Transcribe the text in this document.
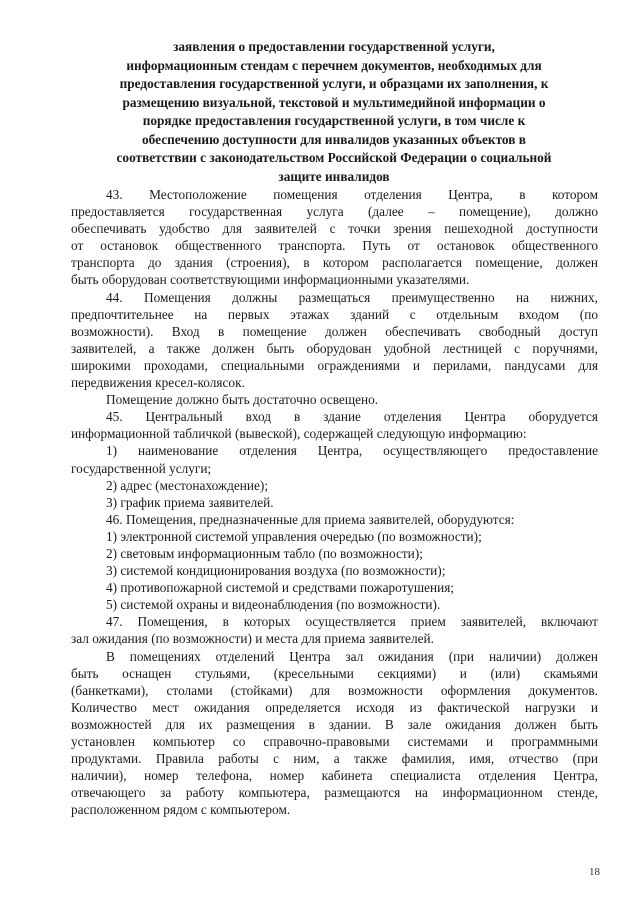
заявления о предоставлении государственной услуги,
информационным стендам с перечнем документов, необходимых для
предоставления государственной услуги, и образцами их заполнения, к
размещению визуальной, текстовой и мультимедийной информации о
порядке предоставления государственной услуги, в том числе к
обеспечению доступности для инвалидов указанных объектов в
соответствии с законодательством Российской Федерации о социальной
защите инвалидов
43. Местоположение помещения отделения Центра, в котором
предоставляется государственная услуга (далее – помещение), должно
обеспечивать удобство для заявителей с точки зрения пешеходной доступности
от остановок общественного транспорта. Путь от остановок общественного
транспорта до здания (строения), в котором располагается помещение, должен
быть оборудован соответствующими информационными указателями.
44. Помещения должны размещаться преимущественно на нижних,
предпочтительнее на первых этажах зданий с отдельным входом (по
возможности). Вход в помещение должен обеспечивать свободный доступ
заявителей, а также должен быть оборудован удобной лестницей с поручнями,
широкими проходами, специальными ограждениями и перилами, пандусами для
передвижения кресел-колясок.
Помещение должно быть достаточно освещено.
45. Центральный вход в здание отделения Центра оборудуется
информационной табличкой (вывеской), содержащей следующую информацию:
1) наименование отделения Центра, осуществляющего предоставление
государственной услуги;
2) адрес (местонахождение);
3) график приема заявителей.
46. Помещения, предназначенные для приема заявителей, оборудуются:
1) электронной системой управления очередью (по возможности);
2) световым информационным табло (по возможности);
3) системой кондиционирования воздуха (по возможности);
4) противопожарной системой и средствами пожаротушения;
5) системой охраны и видеонаблюдения (по возможности).
47. Помещения, в которых осуществляется прием заявителей, включают
зал ожидания (по возможности) и места для приема заявителей.
В помещениях отделений Центра зал ожидания (при наличии) должен
быть оснащен стульями, (кресельными секциями) и (или) скамьями
(банкетками), столами (стойками) для возможности оформления документов.
Количество мест ожидания определяется исходя из фактической нагрузки и
возможностей для их размещения в здании. В зале ожидания должен быть
установлен компьютер со справочно-правовыми системами и программными
продуктами. Правила работы с ним, а также фамилия, имя, отчество (при
наличии), номер телефона, номер кабинета специалиста отделения Центра,
отвечающего за работу компьютера, размещаются на информационном стенде,
расположенном рядом с компьютером.
18
